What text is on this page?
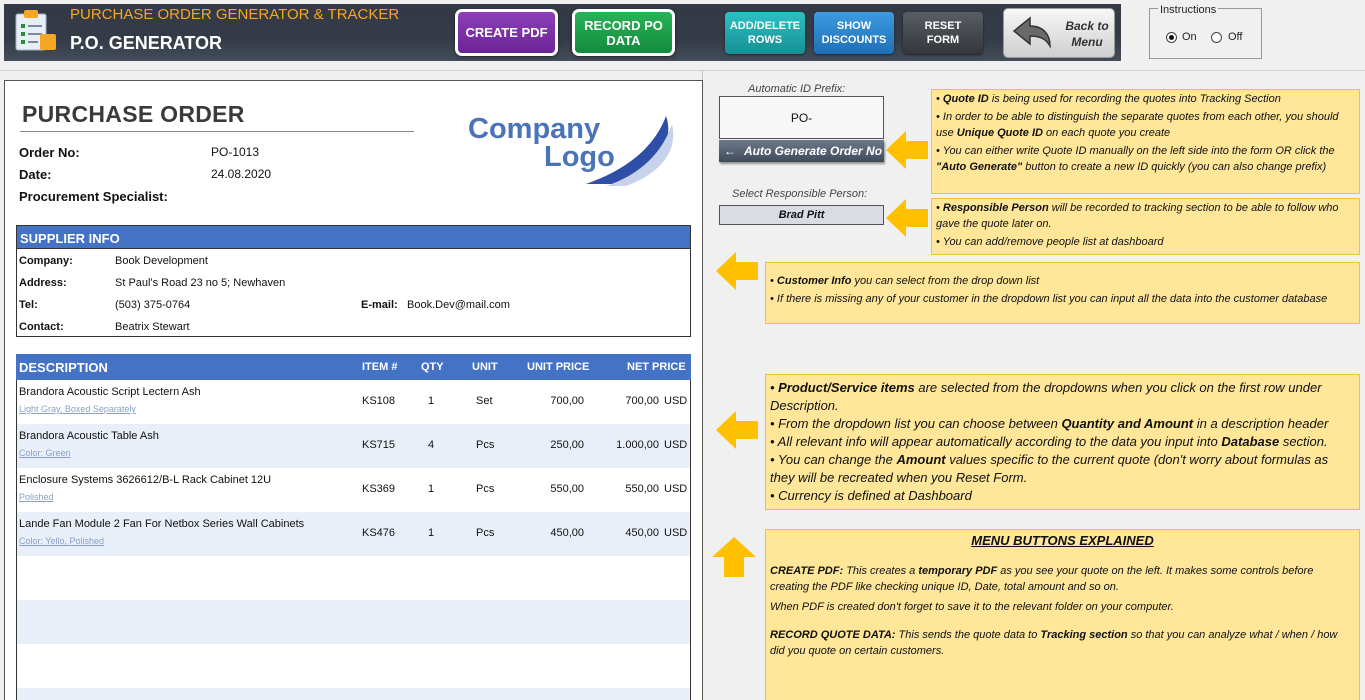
PURCHASE ORDER GENERATOR & TRACKER
P.O. GENERATOR
CREATE PDF	RECORD PO
DATA
ADD/DELETE
ROWS
SHOW
DISCOUNTS
RESET
FORM
Back to
Menu
Instructions
On	Off
PURCHASE ORDER
Order No:	PO-1013
Date:	24.08.2020
Procurement Specialist:
Company
Logo
SUPPLIER INFO
Company:	Book Development
Address:	St Paul's Road 23 no 5; Newhaven
Tel:	(503) 375-0764	E-mail: Book.Dev@mail.com
Contact:	Beatrix Stewart
DESCRIPTION	ITEM # QTY	UNIT	UNIT PRICE	NET PRICE
Brandora Acoustic Script Lectern Ash
Light Gray, Boxed Separately
KS108	1	Set	700,00	700,00 USD
Brandora Acoustic Table Ash
Color: Green
KS715	4	Pcs	250,00	1.000,00 USD
Enclosure Systems 3626612/B-L Rack Cabinet 12U
Polished
KS369	1	Pcs	550,00	550,00 USD
Lande Fan Module 2 Fan For Netbox Series Wall Cabinets
Color: Yello, Polished
KS476	1	Pcs	450,00	450,00 USD
Automatic ID Prefix:
PO-
← Auto Generate Order No
Select Responsible Person:
Brad Pitt

• Quote ID is being used for recording the quotes into Tracking Section

• In order to be able to distinguish the separate quotes from each other, you should use Unique Quote ID on each quote you create

• You can either write Quote ID manually on the left side into the form OR click the "Auto Generate" button to create a new ID quickly (you can also change prefix)

• Responsible Person will be recorded to tracking section to be able to follow who gave the quote later on.

• You can add/remove people list at dashboard

• Customer Info you can select from the drop down list

• If there is missing any of your customer in the dropdown list you can input all the data into the customer database

• Product/Service items are selected from the dropdowns when you click on the first row under Description.
• From the dropdown list you can choose between Quantity and Amount in a description header
• All relevant info will appear automatically according to the data you input into Database section.
• You can change the Amount values specific to the current quote (don't worry about formulas as they will be recreated when you Reset Form.
• Currency is defined at Dashboard
MENU BUTTONS EXPLAINED

CREATE PDF: This creates a temporary PDF as you see your quote on the left. It makes some controls before creating the PDF like checking unique ID, Date, total amount and so on.

When PDF is created don't forget to save it to the relevant folder on your computer.

RECORD QUOTE DATA: This sends the quote data to Tracking section so that you can analyze what / when / how did you quote on certain customers.
